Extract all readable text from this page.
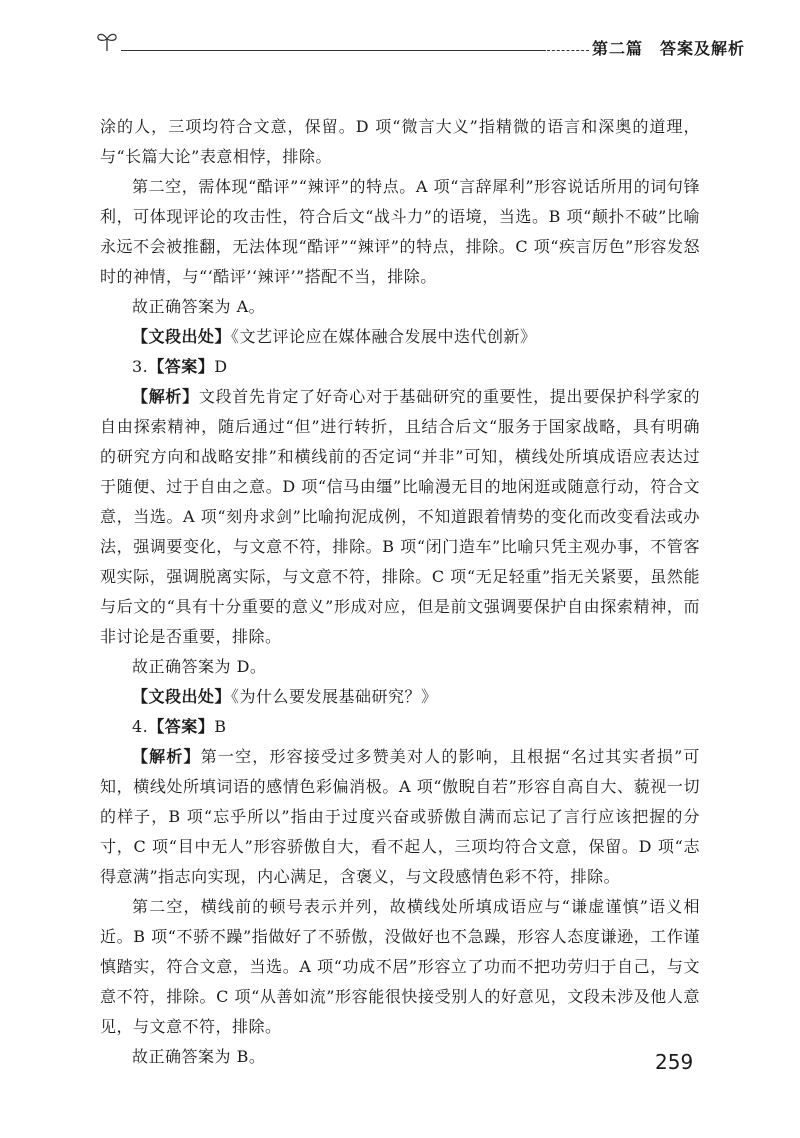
第二篇　答案及解析

涂的人，三项均符合文意，保留。D 项“微言大义”指精微的语言和深奥的道理，与“长篇大论”表意相悖，排除。

第二空，需体现“酷评”“辣评”的特点。A 项“言辞犀利”形容说话所用的词句锋利，可体现评论的攻击性，符合后文“战斗力”的语境，当选。B 项“颠扑不破”比喻永远不会被推翻，无法体现“酷评”“辣评”的特点，排除。C 项“疾言厉色”形容发怒时的神情，与“‘酷评’‘辣评’”搭配不当，排除。

故正确答案为 A。

【文段出处】《文艺评论应在媒体融合发展中迭代创新》

3.【答案】D

【解析】文段首先肯定了好奇心对于基础研究的重要性，提出要保护科学家的自由探索精神，随后通过“但”进行转折，且结合后文“服务于国家战略，具有明确的研究方向和战略安排”和横线前的否定词“并非”可知，横线处所填成语应表达过于随便、过于自由之意。D 项“信马由缰”比喻漫无目的地闲逛或随意行动，符合文意，当选。A 项“刻舟求剑”比喻拘泥成例，不知道跟着情势的变化而改变看法或办法，强调要变化，与文意不符，排除。B 项“闭门造车”比喻只凭主观办事，不管客观实际，强调脱离实际，与文意不符，排除。C 项“无足轻重”指无关紧要，虽然能与后文的“具有十分重要的意义”形成对应，但是前文强调要保护自由探索精神，而非讨论是否重要，排除。

故正确答案为 D。

【文段出处】《为什么要发展基础研究？》

4.【答案】B

【解析】第一空，形容接受过多赞美对人的影响，且根据“名过其实者损”可知，横线处所填词语的感情色彩偏消极。A 项“傲睨自若”形容自高自大、藐视一切的样子，B 项“忘乎所以”指由于过度兴奋或骄傲自满而忘记了言行应该把握的分寸，C 项“目中无人”形容骄傲自大，看不起人，三项均符合文意，保留。D 项“志得意满”指志向实现，内心满足，含褒义，与文段感情色彩不符，排除。

第二空，横线前的顿号表示并列，故横线处所填成语应与“谦虚谨慎”语义相近。B 项“不骄不躁”指做好了不骄傲，没做好也不急躁，形容人态度谦逊，工作谨慎踏实，符合文意，当选。A 项“功成不居”形容立了功而不把功劳归于自己，与文意不符，排除。C 项“从善如流”形容能很快接受别人的好意见，文段未涉及他人意见，与文意不符，排除。

故正确答案为 B。	259
